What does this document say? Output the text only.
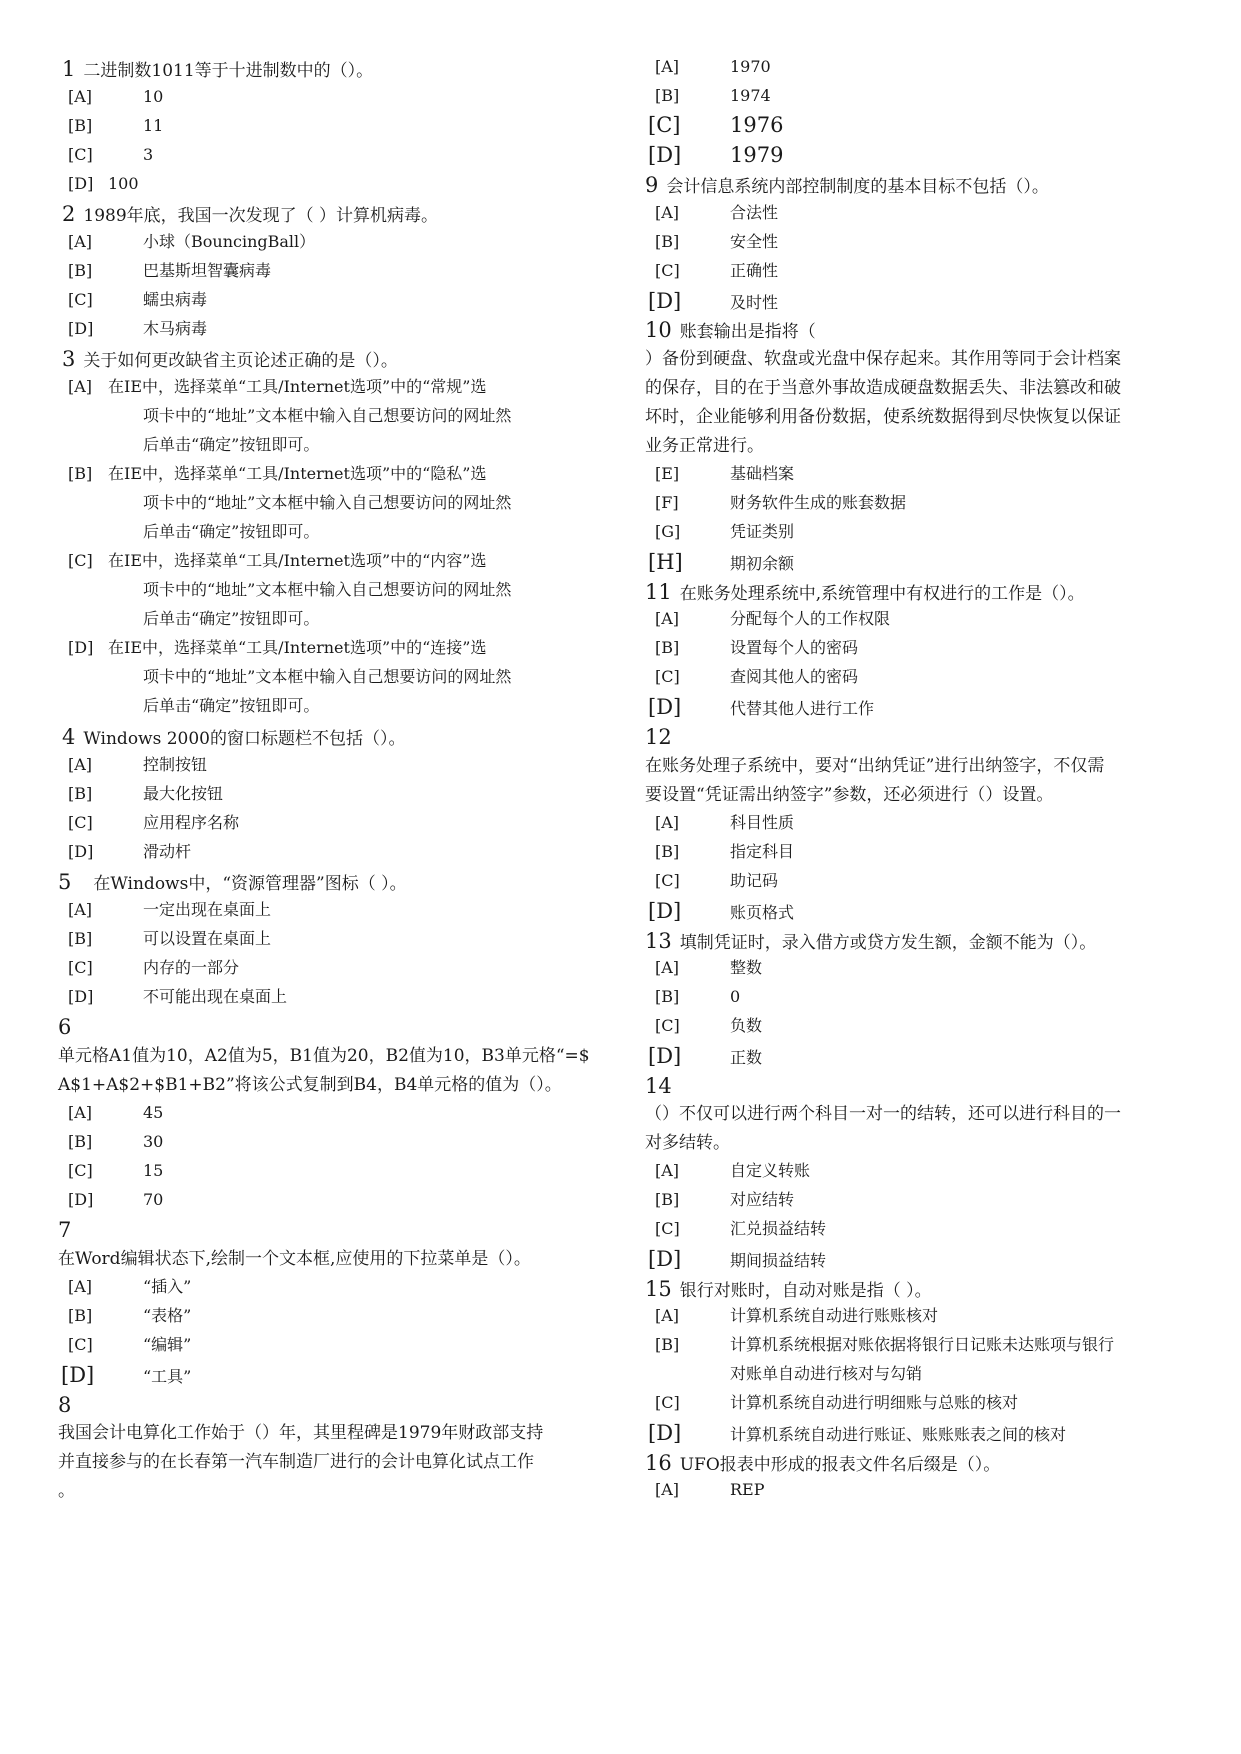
1 二进制数1011等于十进制数中的（）。
[A]	10
[B]	11
[C]	3
[D] 100
2 1989年底，我国一次发现了（ ）计算机病毒。
[A]	小球（BouncingBall）
[B]	巴基斯坦智囊病毒
[C]	蠕虫病毒
[D]	木马病毒
3 关于如何更改缺省主页论述正确的是（）。
[A] 在IE中，选择菜单“工具/Internet选项”中的“常规”选
项卡中的“地址”文本框中输入自己想要访问的网址然
后单击“确定”按钮即可。
[B] 在IE中，选择菜单“工具/Internet选项”中的“隐私”选
项卡中的“地址”文本框中输入自己想要访问的网址然
后单击“确定”按钮即可。
[C] 在IE中，选择菜单“工具/Internet选项”中的“内容”选
项卡中的“地址”文本框中输入自己想要访问的网址然
后单击“确定”按钮即可。
[D] 在IE中，选择菜单“工具/Internet选项”中的“连接”选
项卡中的“地址”文本框中输入自己想要访问的网址然
后单击“确定”按钮即可。
4 Windows 2000的窗口标题栏不包括（）。
[A]	控制按钮
[B]	最大化按钮
[C]	应用程序名称
[D]	滑动杆
5 在Windows中，“资源管理器”图标（ ）。
[A]	一定出现在桌面上
[B]	可以设置在桌面上
[C]	内存的一部分
[D]	不可能出现在桌面上
6
单元格A1值为10，A2值为5，B1值为20，B2值为10，B3单元格“=$
A$1+A$2+$B1+B2”将该公式复制到B4，B4单元格的值为（）。
[A]	45
[B]	30
[C]	15
[D]	70
7
在Word编辑状态下,绘制一个文本框,应使用的下拉菜单是（）。
[A]	“插入”
[B]	“表格”
[C]	“编辑”
[D]	“工具”
8
我国会计电算化工作始于（）年，其里程碑是1979年财政部支持
并直接参与的在长春第一汽车制造厂进行的会计电算化试点工作
。
[A]	1970
[B]	1974
[C] 1976
[D] 1979
9 会计信息系统内部控制制度的基本目标不包括（）。
[A]	合法性
[B]	安全性
[C]	正确性
[D]	及时性
10 账套输出是指将（
）备份到硬盘、软盘或光盘中保存起来。其作用等同于会计档案
的保存，目的在于当意外事故造成硬盘数据丢失、非法篡改和破
坏时，企业能够利用备份数据，使系统数据得到尽快恢复以保证
业务正常进行。
[E]	基础档案
[F]	财务软件生成的账套数据
[G]	凭证类别
[H]	期初余额
11 在账务处理系统中,系统管理中有权进行的工作是（）。
[A]	分配每个人的工作权限
[B]	设置每个人的密码
[C]	查阅其他人的密码
[D]	代替其他人进行工作
12
在账务处理子系统中，要对“出纳凭证”进行出纳签字，不仅需
要设置“凭证需出纳签字”参数，还必须进行（）设置。
[A]	科目性质
[B]	指定科目
[C]	助记码
[D]	账页格式
13 填制凭证时，录入借方或贷方发生额，金额不能为（）。
[A]	整数
[B]	0
[C]	负数
[D]	正数
14
（）不仅可以进行两个科目一对一的结转，还可以进行科目的一
对多结转。
[A]	自定义转账
[B]	对应结转
[C]	汇兑损益结转
[D]	期间损益结转
15 银行对账时，自动对账是指（ ）。
[A]	计算机系统自动进行账账核对
[B]	计算机系统根据对账依据将银行日记账未达账项与银行
对账单自动进行核对与勾销
[C]	计算机系统自动进行明细账与总账的核对
[D]	计算机系统自动进行账证、账账账表之间的核对
16 UFO报表中形成的报表文件名后缀是（）。
[A]	REP
